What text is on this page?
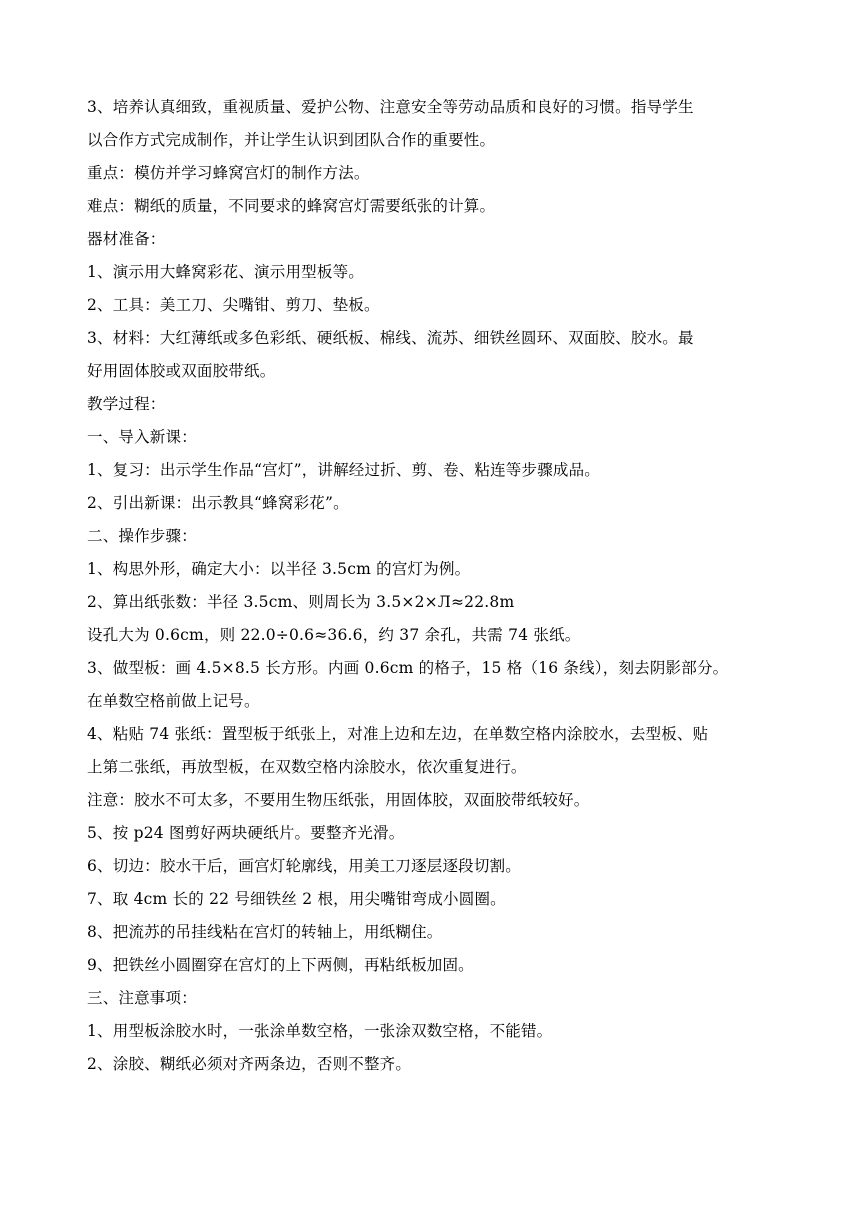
3、培养认真细致，重视质量、爱护公物、注意安全等劳动品质和良好的习惯。指导学生
以合作方式完成制作，并让学生认识到团队合作的重要性。
重点：模仿并学习蜂窝宫灯的制作方法。
难点：糊纸的质量，不同要求的蜂窝宫灯需要纸张的计算。
器材准备：
1、演示用大蜂窝彩花、演示用型板等。
2、工具：美工刀、尖嘴钳、剪刀、垫板。
3、材料：大红薄纸或多色彩纸、硬纸板、棉线、流苏、细铁丝圆环、双面胶、胶水。最
好用固体胶或双面胶带纸。
教学过程：
一、导入新课：
1、复习：出示学生作品“宫灯”，讲解经过折、剪、卷、粘连等步骤成品。
2、引出新课：出示教具“蜂窝彩花”。
二、操作步骤：
1、构思外形，确定大小：以半径 3.5cm 的宫灯为例。
2、算出纸张数：半径 3.5cm、则周长为 3.5×2×Л≈22.8m
设孔大为 0.6cm，则 22.0÷0.6≈36.6，约 37 余孔，共需 74 张纸。
3、做型板：画 4.5×8.5 长方形。内画 0.6cm 的格子，15 格（16 条线），刻去阴影部分。
在单数空格前做上记号。
4、粘贴 74 张纸：置型板于纸张上，对准上边和左边，在单数空格内涂胶水，去型板、贴
上第二张纸，再放型板，在双数空格内涂胶水，依次重复进行。
注意：胶水不可太多，不要用生物压纸张，用固体胶，双面胶带纸较好。
5、按 p24 图剪好两块硬纸片。要整齐光滑。
6、切边：胶水干后，画宫灯轮廓线，用美工刀逐层逐段切割。
7、取 4cm 长的 22 号细铁丝 2 根，用尖嘴钳弯成小圆圈。
8、把流苏的吊挂线粘在宫灯的转轴上，用纸糊住。
9、把铁丝小圆圈穿在宫灯的上下两侧，再粘纸板加固。
三、注意事项：
1、用型板涂胶水时，一张涂单数空格，一张涂双数空格，不能错。
2、涂胶、糊纸必须对齐两条边，否则不整齐。
